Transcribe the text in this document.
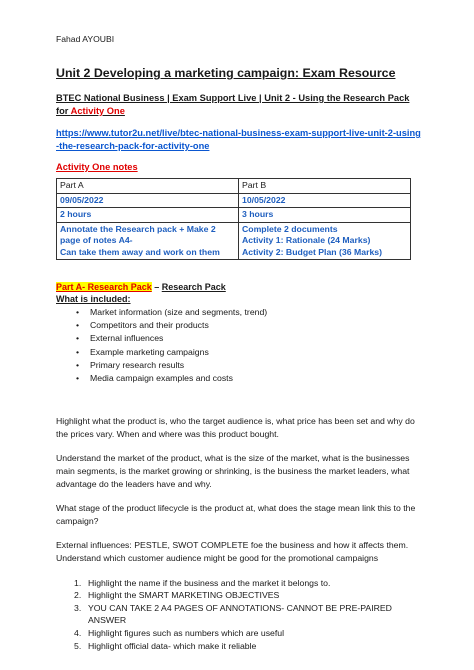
Fahad AYOUBI
Unit 2 Developing a marketing campaign: Exam Resource
BTEC National Business | Exam Support Live | Unit 2 - Using the Research Pack for Activity One
https://www.tutor2u.net/live/btec-national-business-exam-support-live-unit-2-using-the-research-pack-for-activity-one
Activity One notes
Part A	Part B
09/05/2022	10/05/2022
2 hours	3 hours
Annotate the Research pack + Make 2 page of notes A4-
Can take them away and work on them	Complete 2 documents
Activity 1: Rationale (24 Marks)
Activity 2: Budget Plan (36 Marks)
Part A- Research Pack – Research Pack
What is included:
• Market information (size and segments, trend)
• Competitors and their products
• External influences
• Example marketing campaigns
• Primary research results
• Media campaign examples and costs

Highlight what the product is, who the target audience is, what price has been set and why do the prices vary. When and where was this product bought.

Understand the market of the product, what is the size of the market, what is the businesses main segments, is the market growing or shrinking, is the business the market leaders, what advantage do the leaders have and why.

What stage of the product lifecycle is the product at, what does the stage mean link this to the campaign?

External influences: PESTLE, SWOT COMPLETE foe the business and how it affects them. Understand which customer audience might be good for the promotional campaigns

1. Highlight the name if the business and the market it belongs to.
2. Highlight the SMART MARKETING OBJECTIVES
3. YOU CAN TAKE 2 A4 PAGES OF ANNOTATIONS- CANNOT BE PRE-PAIRED ANSWER
4. Highlight figures such as numbers which are useful
5. Highlight official data- which make it reliable
